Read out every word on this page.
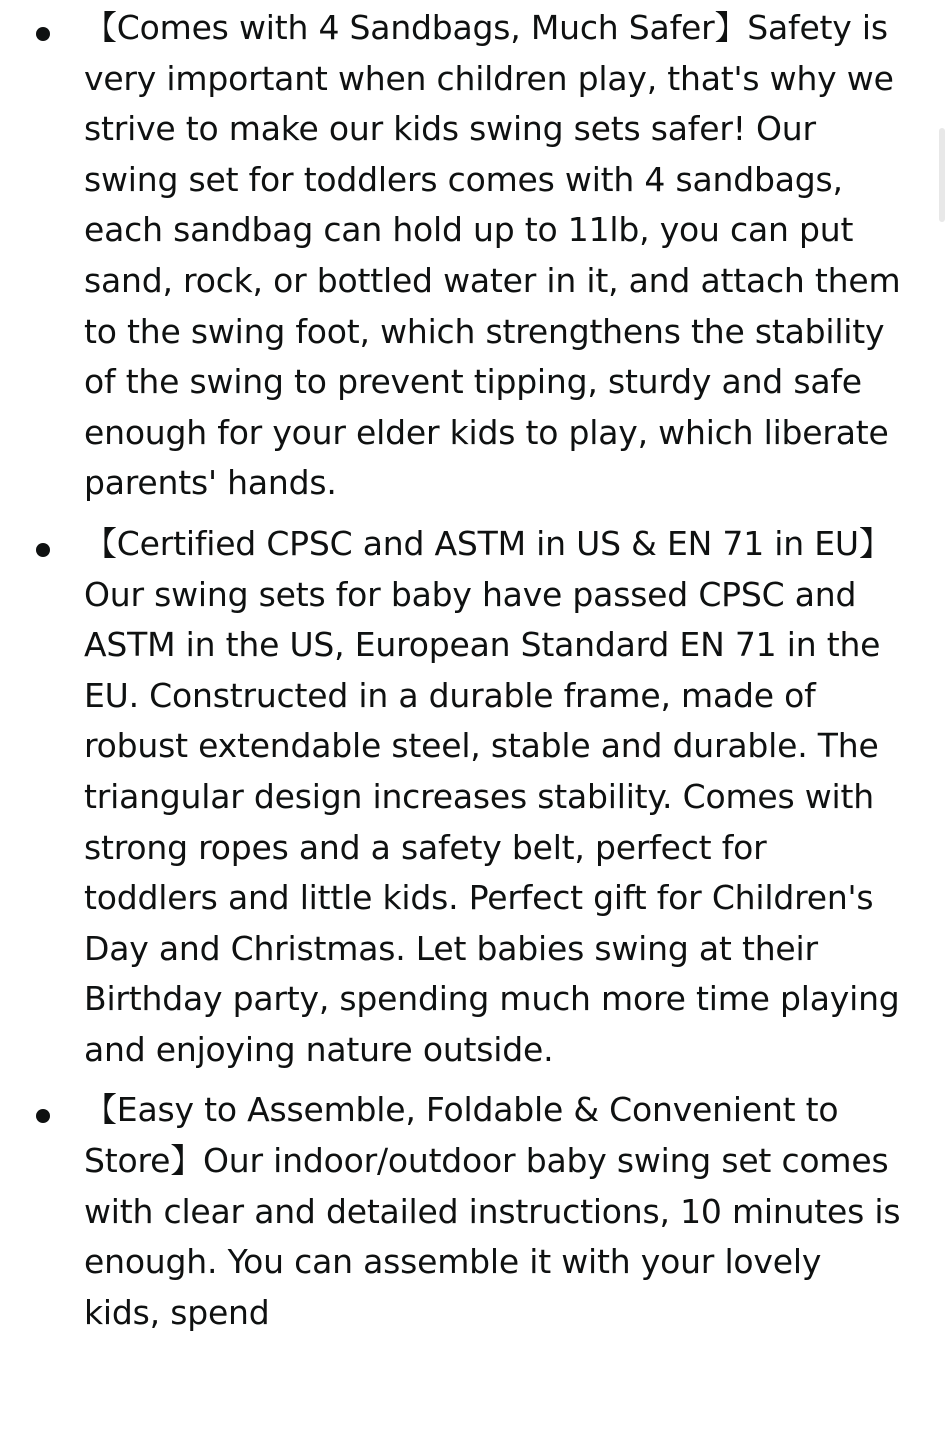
【Comes with 4 Sandbags, Much Safer】Safety is very important when children play, that's why we strive to make our kids swing sets safer! Our swing set for toddlers comes with 4 sandbags, each sandbag can hold up to 11lb, you can put sand, rock, or bottled water in it, and attach them to the swing foot, which strengthens the stability of the swing to prevent tipping, sturdy and safe enough for your elder kids to play, which liberate parents' hands.
【Certified CPSC and ASTM in US & EN 71 in EU】Our swing sets for baby have passed CPSC and ASTM in the US, European Standard EN 71 in the EU. Constructed in a durable frame, made of robust extendable steel, stable and durable. The triangular design increases stability. Comes with strong ropes and a safety belt, perfect for toddlers and little kids. Perfect gift for Children's Day and Christmas. Let babies swing at their Birthday party, spending much more time playing and enjoying nature outside.
【Easy to Assemble, Foldable & Convenient to Store】Our indoor/outdoor baby swing set comes with clear and detailed instructions, 10 minutes is enough. You can assemble it with your lovely kids, spend
